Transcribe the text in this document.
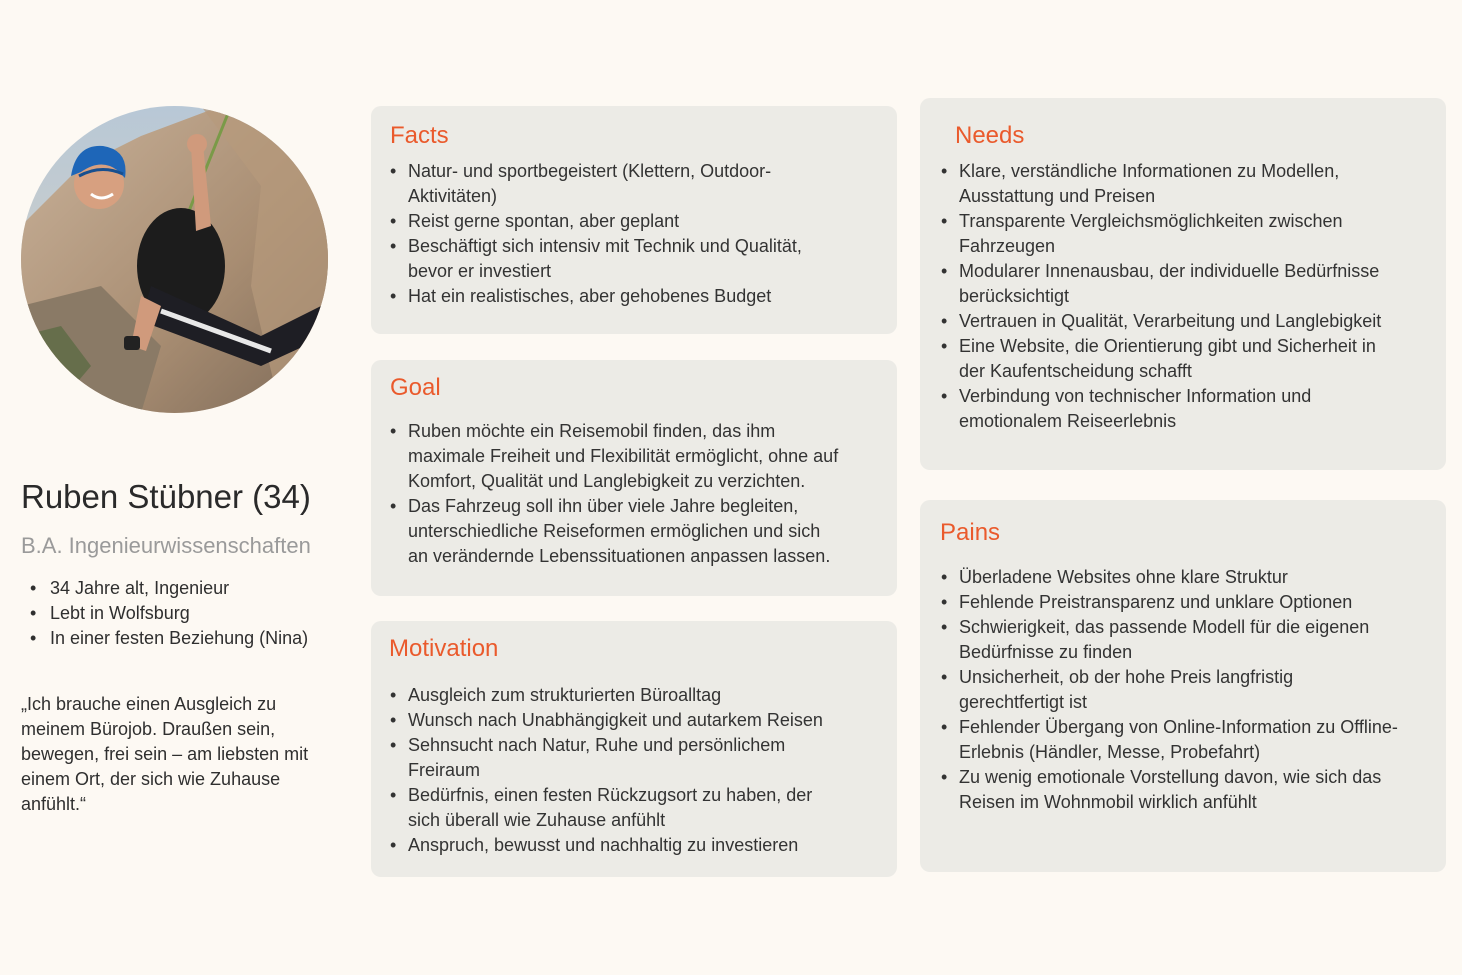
Ruben Stübner (34)

B.A. Ingenieurwissenschaften

• 34 Jahre alt, Ingenieur
• Lebt in Wolfsburg
• In einer festen Beziehung (Nina)

„Ich brauche einen Ausgleich zu meinem Bürojob. Draußen sein, bewegen, frei sein – am liebsten mit einem Ort, der sich wie Zuhause anfühlt.“

Facts
• Natur- und sportbegeistert (Klettern, Outdoor-Aktivitäten)
• Reist gerne spontan, aber geplant
• Beschäftigt sich intensiv mit Technik und Qualität, bevor er investiert
• Hat ein realistisches, aber gehobenes Budget
Goal
• Ruben möchte ein Reisemobil finden, das ihm maximale Freiheit und Flexibilität ermöglicht, ohne auf Komfort, Qualität und Langlebigkeit zu verzichten.
• Das Fahrzeug soll ihn über viele Jahre begleiten, unterschiedliche Reiseformen ermöglichen und sich an verändernde Lebenssituationen anpassen lassen.
Motivation
• Ausgleich zum strukturierten Büroalltag
• Wunsch nach Unabhängigkeit und autarkem Reisen
• Sehnsucht nach Natur, Ruhe und persönlichem Freiraum
• Bedürfnis, einen festen Rückzugsort zu haben, der sich überall wie Zuhause anfühlt
• Anspruch, bewusst und nachhaltig zu investieren
Needs
• Klare, verständliche Informationen zu Modellen, Ausstattung und Preisen
• Transparente Vergleichsmöglichkeiten zwischen Fahrzeugen
• Modularer Innenausbau, der individuelle Bedürfnisse berücksichtigt
• Vertrauen in Qualität, Verarbeitung und Langlebigkeit
• Eine Website, die Orientierung gibt und Sicherheit in der Kaufentscheidung schafft
• Verbindung von technischer Information und emotionalem Reiseerlebnis
Pains
• Überladene Websites ohne klare Struktur
• Fehlende Preistransparenz und unklare Optionen
• Schwierigkeit, das passende Modell für die eigenen Bedürfnisse zu finden
• Unsicherheit, ob der hohe Preis langfristig gerechtfertigt ist
• Fehlender Übergang von Online-Information zu Offline-Erlebnis (Händler, Messe, Probefahrt)
• Zu wenig emotionale Vorstellung davon, wie sich das Reisen im Wohnmobil wirklich anfühlt
